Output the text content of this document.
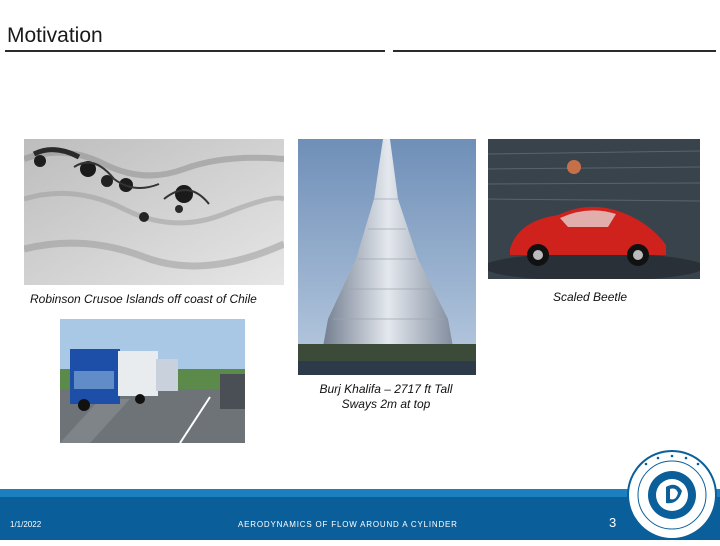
Motivation
Robinson Crusoe Islands off coast of Chile	Scaled Beetle
Burj Khalifa – 2717 ft Tall
Sways 2m at top
1/1/2022	AERODYNAMICS OF FLOW AROUND A CYLINDER	3
